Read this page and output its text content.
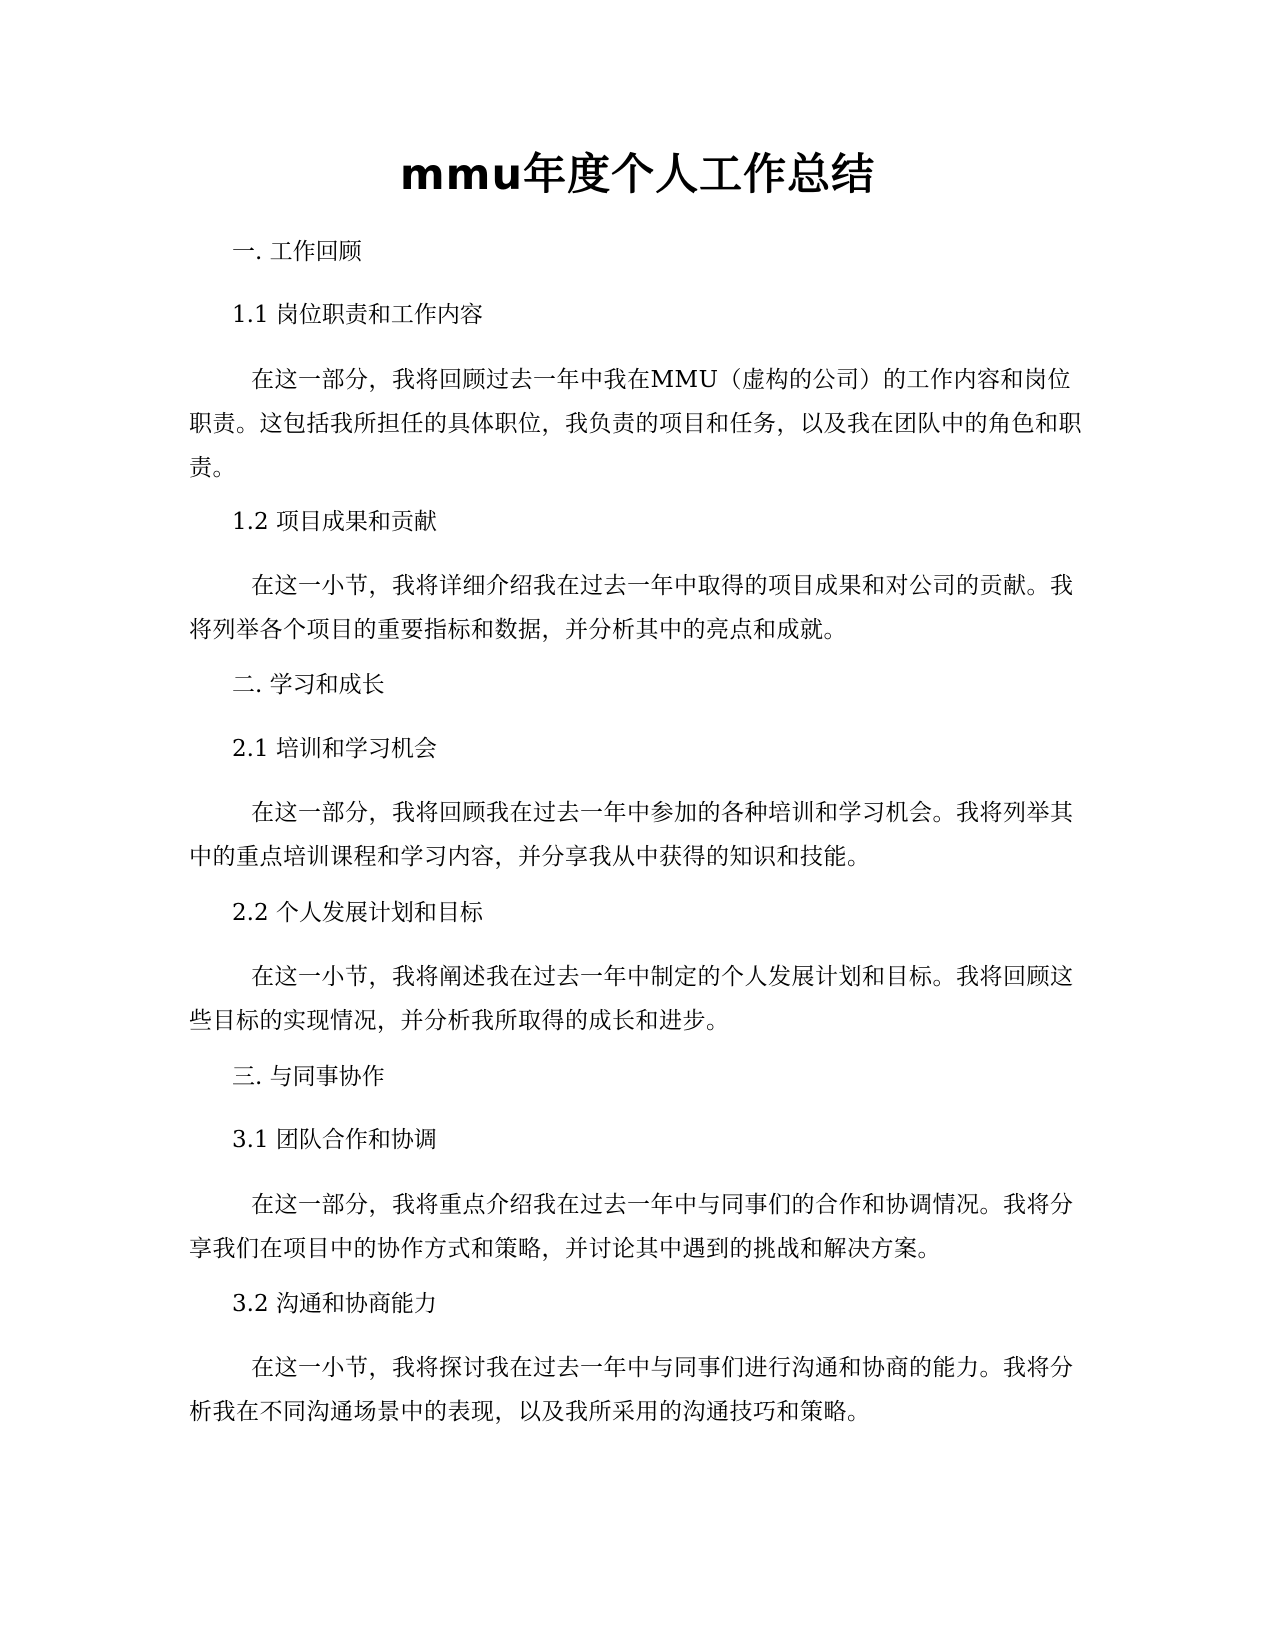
mmu年度个人工作总结
一. 工作回顾
1.1 岗位职责和工作内容

在这一部分，我将回顾过去一年中我在MMU（虚构的公司）的工作内容和岗位职责。这包括我所担任的具体职位，我负责的项目和任务，以及我在团队中的角色和职责。

1.2 项目成果和贡献

在这一小节，我将详细介绍我在过去一年中取得的项目成果和对公司的贡献。我将列举各个项目的重要指标和数据，并分析其中的亮点和成就。

二. 学习和成长
2.1 培训和学习机会

在这一部分，我将回顾我在过去一年中参加的各种培训和学习机会。我将列举其中的重点培训课程和学习内容，并分享我从中获得的知识和技能。

2.2 个人发展计划和目标

在这一小节，我将阐述我在过去一年中制定的个人发展计划和目标。我将回顾这些目标的实现情况，并分析我所取得的成长和进步。

三. 与同事协作
3.1 团队合作和协调

在这一部分，我将重点介绍我在过去一年中与同事们的合作和协调情况。我将分享我们在项目中的协作方式和策略，并讨论其中遇到的挑战和解决方案。

3.2 沟通和协商能力

在这一小节，我将探讨我在过去一年中与同事们进行沟通和协商的能力。我将分析我在不同沟通场景中的表现，以及我所采用的沟通技巧和策略。
